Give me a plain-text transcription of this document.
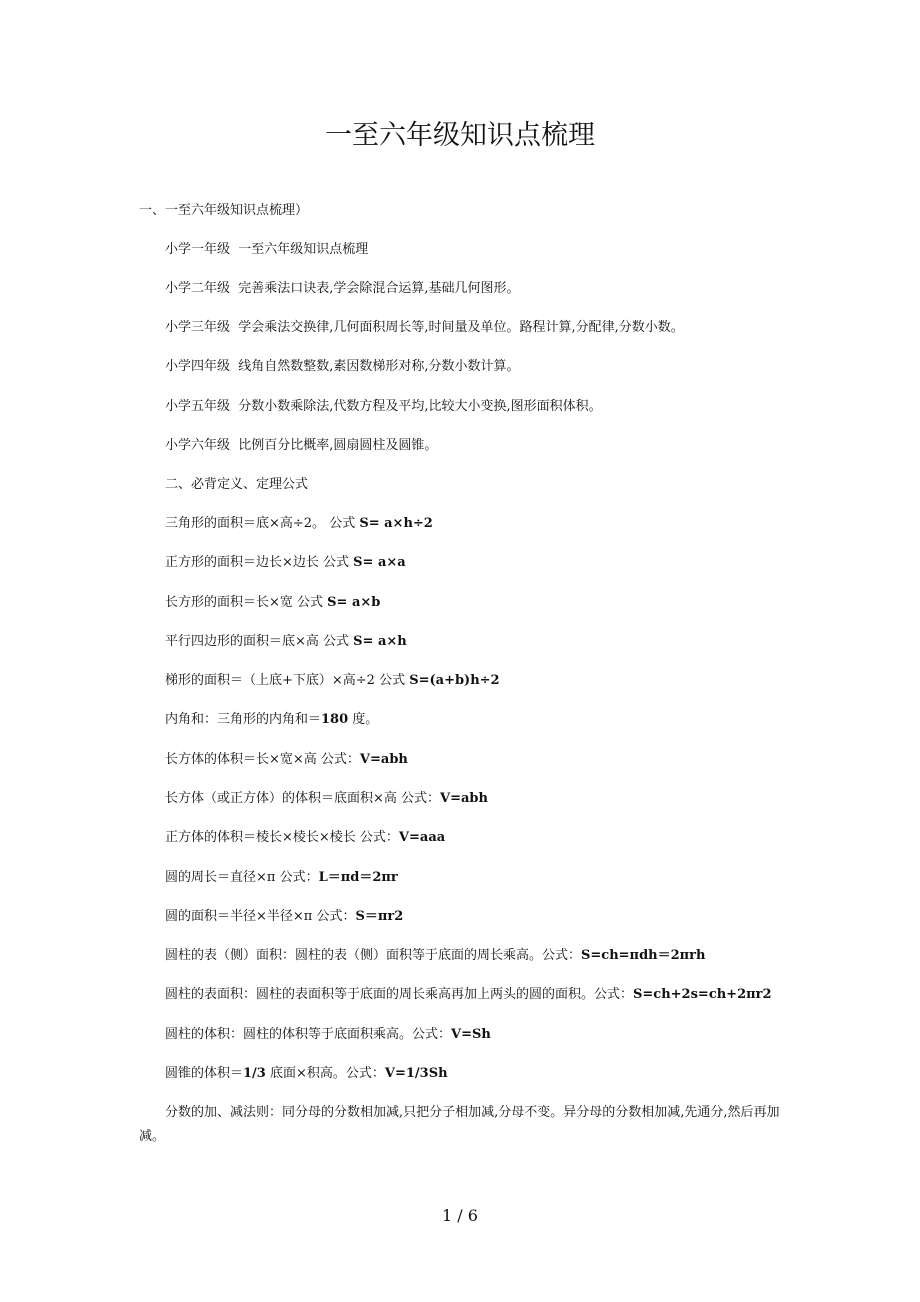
一至六年级知识点梳理
一、一至六年级知识点梳理）
小学一年级 一至六年级知识点梳理
小学二年级 完善乘法口诀表,学会除混合运算,基础几何图形。
小学三年级 学会乘法交换律,几何面积周长等,时间量及单位。路程计算,分配律,分数小数。
小学四年级 线角自然数整数,素因数梯形对称,分数小数计算。
小学五年级 分数小数乘除法,代数方程及平均,比较大小变换,图形面积体积。
小学六年级 比例百分比概率,圆扇圆柱及圆锥。
二、必背定义、定理公式
三角形的面积＝底×高÷2。 公式 S= a×h÷2
正方形的面积＝边长×边长 公式 S= a×a
长方形的面积＝长×宽 公式 S= a×b
平行四边形的面积＝底×高 公式 S= a×h
梯形的面积＝（上底+下底）×高÷2 公式 S=(a+b)h÷2
内角和：三角形的内角和＝180 度。
长方体的体积＝长×宽×高 公式：V=abh
长方体（或正方体）的体积＝底面积×高 公式：V=abh
正方体的体积＝棱长×棱长×棱长 公式：V=aaa
圆的周长＝直径×π 公式：L＝πd＝2πr
圆的面积＝半径×半径×π 公式：S＝πr2
圆柱的表（侧）面积：圆柱的表（侧）面积等于底面的周长乘高。公式：S=ch=πdh＝2πrh
圆柱的表面积：圆柱的表面积等于底面的周长乘高再加上两头的圆的面积。公式：S=ch+2s=ch+2πr2
圆柱的体积：圆柱的体积等于底面积乘高。公式：V=Sh
圆锥的体积＝1/3 底面×积高。公式：V=1/3Sh
分数的加、减法则：同分母的分数相加减,只把分子相加减,分母不变。异分母的分数相加减,先通分,然后再加减。
1 / 6
